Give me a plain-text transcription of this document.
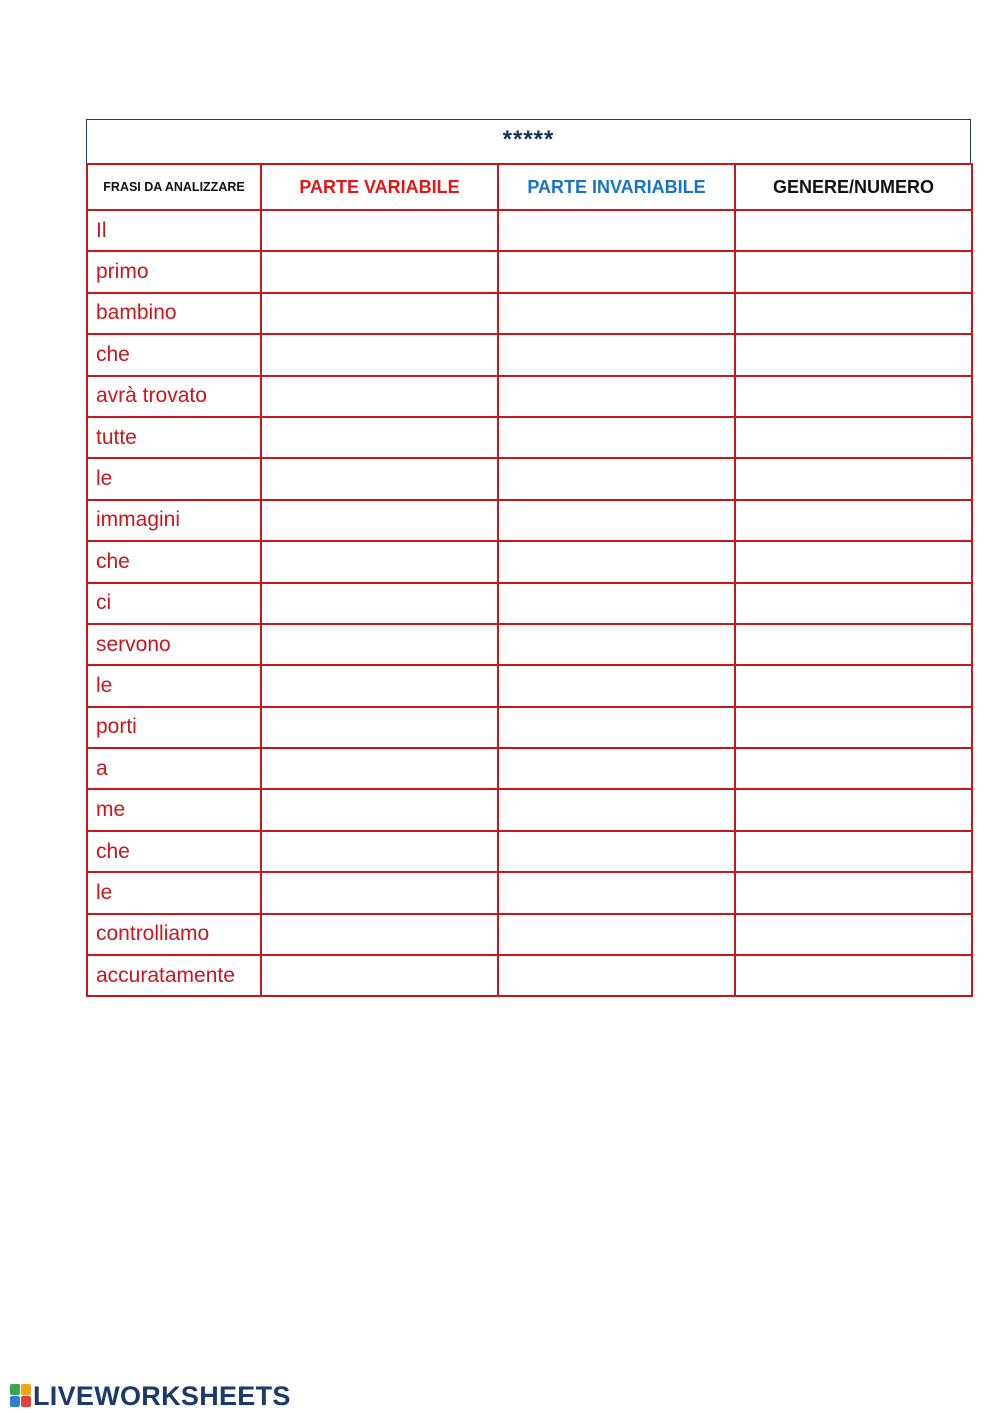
*****
FRASI DA ANALIZZARE	PARTE VARIABILE	PARTE INVARIABILE	GENERE/NUMERO
Il			
primo			
bambino			
che			
avrà trovato			
tutte			
le			
immagini			
che			
ci			
servono			
le			
porti			
a			
me			
che			
le			
controlliamo			
accuratamente			
LIVEWORKSHEETS
